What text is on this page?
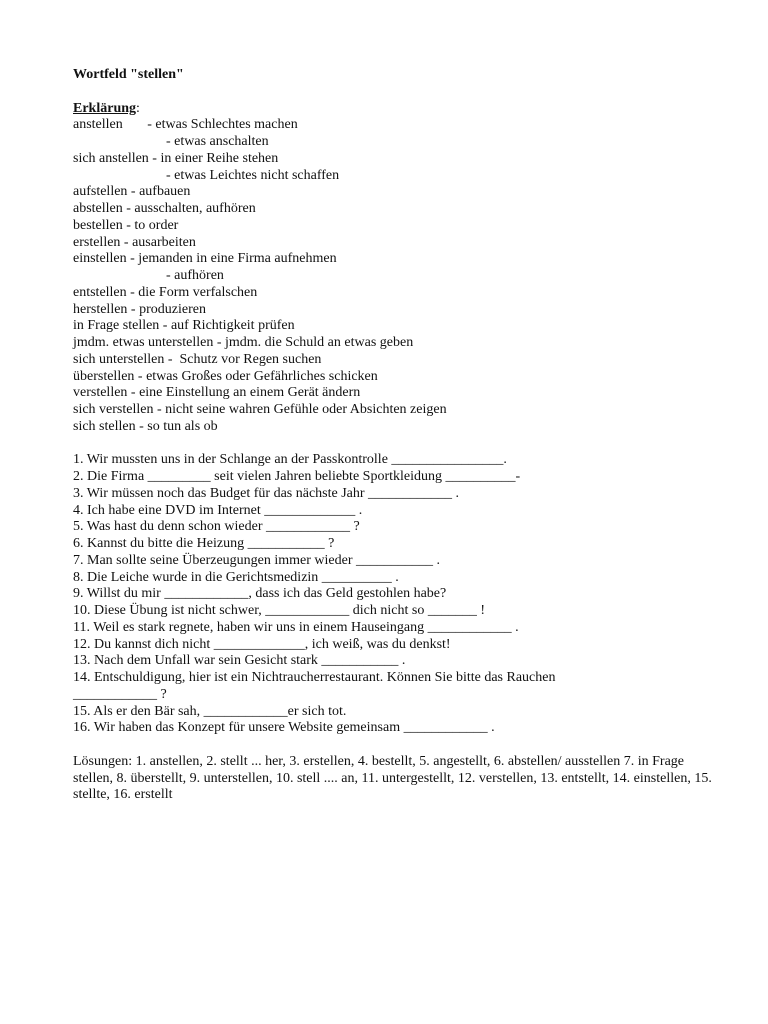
Wortfeld "stellen"

Erklärung:

anstellen       - etwas Schlechtes machen

- etwas anschalten

sich anstellen - in einer Reihe stehen

- etwas Leichtes nicht schaffen

aufstellen - aufbauen

abstellen - ausschalten, aufhören

bestellen - to order

erstellen - ausarbeiten

einstellen - jemanden in eine Firma aufnehmen

- aufhören

entstellen - die Form verfalschen

herstellen - produzieren

in Frage stellen - auf Richtigkeit prüfen

jmdm. etwas unterstellen - jmdm. die Schuld an etwas geben

sich unterstellen -  Schutz vor Regen suchen

überstellen - etwas Großes oder Gefährliches schicken

verstellen - eine Einstellung an einem Gerät ändern

sich verstellen - nicht seine wahren Gefühle oder Absichten zeigen

sich stellen - so tun als ob

1. Wir mussten uns in der Schlange an der Passkontrolle ________________.

2. Die Firma _________ seit vielen Jahren beliebte Sportkleidung __________-

3. Wir müssen noch das Budget für das nächste Jahr ____________ .

4. Ich habe eine DVD im Internet _____________ .

5. Was hast du denn schon wieder ____________ ?

6. Kannst du bitte die Heizung ___________ ?

7. Man sollte seine Überzeugungen immer wieder ___________ .

8. Die Leiche wurde in die Gerichtsmedizin __________ .

9. Willst du mir ____________, dass ich das Geld gestohlen habe?

10. Diese Übung ist nicht schwer, ____________ dich nicht so _______ !

11. Weil es stark regnete, haben wir uns in einem Hauseingang ____________ .

12. Du kannst dich nicht _____________, ich weiß, was du denkst!

13. Nach dem Unfall war sein Gesicht stark ___________ .

14. Entschuldigung, hier ist ein Nichtraucherrestaurant. Können Sie bitte das Rauchen

____________ ?

15. Als er den Bär sah, ____________er sich tot.

16. Wir haben das Konzept für unsere Website gemeinsam ____________ .

Lösungen: 1. anstellen, 2. stellt ... her, 3. erstellen, 4. bestellt, 5. angestellt, 6. abstellen/ ausstellen 7. in Frage stellen, 8. überstellt, 9. unterstellen, 10. stell .... an, 11. untergestellt, 12. verstellen, 13. entstellt, 14. einstellen, 15. stellte, 16. erstellt
